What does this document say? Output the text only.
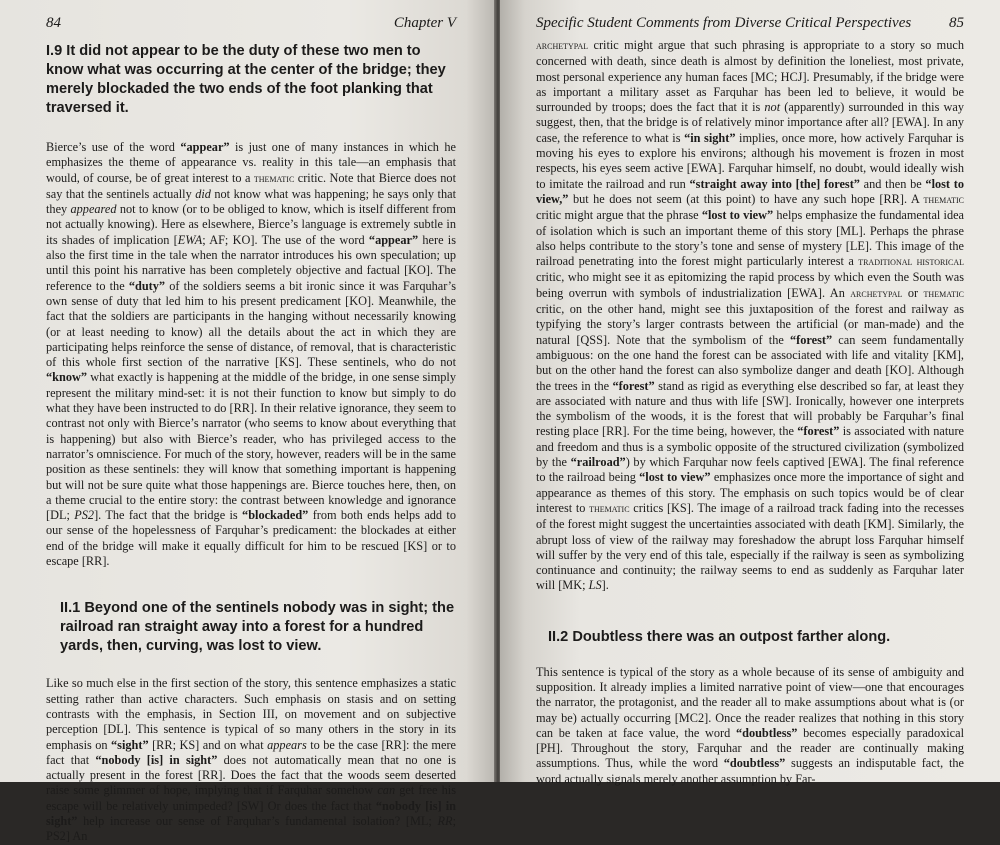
84	Chapter V
I.9 It did not appear to be the duty of these two men to know what was occurring at the center of the bridge; they merely blockaded the two ends of the foot planking that traversed it.

Bierce’s use of the word “appear” is just one of many instances in which he emphasizes the theme of appearance vs. reality in this tale—an emphasis that would, of course, be of great interest to a thematic critic. Note that Bierce does not say that the sentinels actually did not know what was happening; he says only that they appeared not to know (or to be obliged to know, which is itself different from not actually knowing). Here as elsewhere, Bierce’s language is extremely subtle in its shades of implication [EWA; AF; KO]. The use of the word “appear” here is also the first time in the tale when the narrator introduces his own speculation; up until this point his narrative has been completely objective and factual [KO]. The reference to the “duty” of the soldiers seems a bit ironic since it was Farquhar’s own sense of duty that led him to his present predicament [KO]. Meanwhile, the fact that the soldiers are participants in the hanging without necessarily knowing (or at least needing to know) all the details about the act in which they are participating helps reinforce the sense of distance, of removal, that is characteristic of this whole first section of the narrative [KS]. These sentinels, who do not “know” what exactly is happening at the middle of the bridge, in one sense simply represent the military mind-set: it is not their function to know but simply to do what they have been instructed to do [RR]. In their relative ignorance, they seem to contrast not only with Bierce’s narrator (who seems to know about everything that is happening) but also with Bierce’s reader, who has privileged access to the narrator’s omniscience. For much of the story, however, readers will be in the same position as these sentinels: they will know that something important is happening but will not be sure quite what those happenings are. Bierce touches here, then, on a theme crucial to the entire story: the contrast between knowledge and ignorance [DL; PS2]. The fact that the bridge is “blockaded” from both ends helps add to our sense of the hopelessness of Farquhar’s predicament: the blockades at either end of the bridge will make it equally difficult for him to be rescued [KS] or to escape [RR].

II.1 Beyond one of the sentinels nobody was in sight; the railroad ran straight away into a forest for a hundred yards, then, curving, was lost to view.

Like so much else in the first section of the story, this sentence emphasizes a static setting rather than active characters. Such emphasis on stasis and on setting contrasts with the emphasis, in Section III, on movement and on subjective perception [DL]. This sentence is typical of so many others in the story in its emphasis on “sight” [RR; KS] and on what appears to be the case [RR]: the mere fact that “nobody [is] in sight” does not automatically mean that no one is actually present in the forest [RR]. Does the fact that the woods seem deserted raise some glimmer of hope, implying that if Farquhar somehow can get free his escape will be relatively unimpeded? [SW] Or does the fact that “nobody [is] in sight” help increase our sense of Farquhar’s fundamental isolation? [ML; RR; PS2] An

Specific Student Comments from Diverse Critical Perspectives	85

archetypal critic might argue that such phrasing is appropriate to a story so much concerned with death, since death is almost by definition the loneliest, most private, most personal experience any human faces [MC; HCJ]. Presumably, if the bridge were as important a military asset as Farquhar has been led to believe, it would be surrounded by troops; does the fact that it is not (apparently) surrounded in this way suggest, then, that the bridge is of relatively minor importance after all? [EWA]. In any case, the reference to what is “in sight” implies, once more, how actively Farquhar is moving his eyes to explore his environs; although his movement is frozen in most respects, his eyes seem active [EWA]. Farquhar himself, no doubt, would ideally wish to imitate the railroad and run “straight away into [the] forest” and then be “lost to view,” but he does not seem (at this point) to have any such hope [RR]. A thematic critic might argue that the phrase “lost to view” helps emphasize the fundamental idea of isolation which is such an important theme of this story [ML]. Perhaps the phrase also helps contribute to the story’s tone and sense of mystery [LE]. This image of the railroad penetrating into the forest might particularly interest a traditional historical critic, who might see it as epitomizing the rapid process by which even the South was being overrun with symbols of industrialization [EWA]. An archetypal or thematic critic, on the other hand, might see this juxtaposition of the forest and railway as typifying the story’s larger contrasts between the artificial (or man-made) and the natural [QSS]. Note that the symbolism of the “forest” can seem fundamentally ambiguous: on the one hand the forest can be associated with life and vitality [KM], but on the other hand the forest can also symbolize danger and death [KO]. Although the trees in the “forest” stand as rigid as everything else described so far, at least they are associated with nature and thus with life [SW]. Ironically, however one interprets the symbolism of the woods, it is the forest that will probably be Farquhar’s final resting place [RR]. For the time being, however, the “forest” is associated with nature and freedom and thus is a symbolic opposite of the structured civilization (symbolized by the “railroad”) by which Farquhar now feels captived [EWA]. The final reference to the railroad being “lost to view” emphasizes once more the importance of sight and appearance as themes of this story. The emphasis on such topics would be of clear interest to thematic critics [KS]. The image of a railroad track fading into the recesses of the forest might suggest the uncertainties associated with death [KM]. Similarly, the abrupt loss of view of the railway may foreshadow the abrupt loss Farquhar himself will suffer by the very end of this tale, especially if the railway is seen as symbolizing continuance and continuity; the railway seems to end as suddenly as Farquhar later will [MK; LS].

II.2 Doubtless there was an outpost farther along.

This sentence is typical of the story as a whole because of its sense of ambiguity and supposition. It already implies a limited narrative point of view—one that encourages the narrator, the protagonist, and the reader all to make assumptions about what is (or may be) actually occurring [MC2]. Once the reader realizes that nothing in this story can be taken at face value, the word “doubtless” becomes especially paradoxical [PH]. Throughout the story, Farquhar and the reader are continually making assumptions. Thus, while the word “doubtless” suggests an indisputable fact, the word actually signals merely another assumption by Far-
